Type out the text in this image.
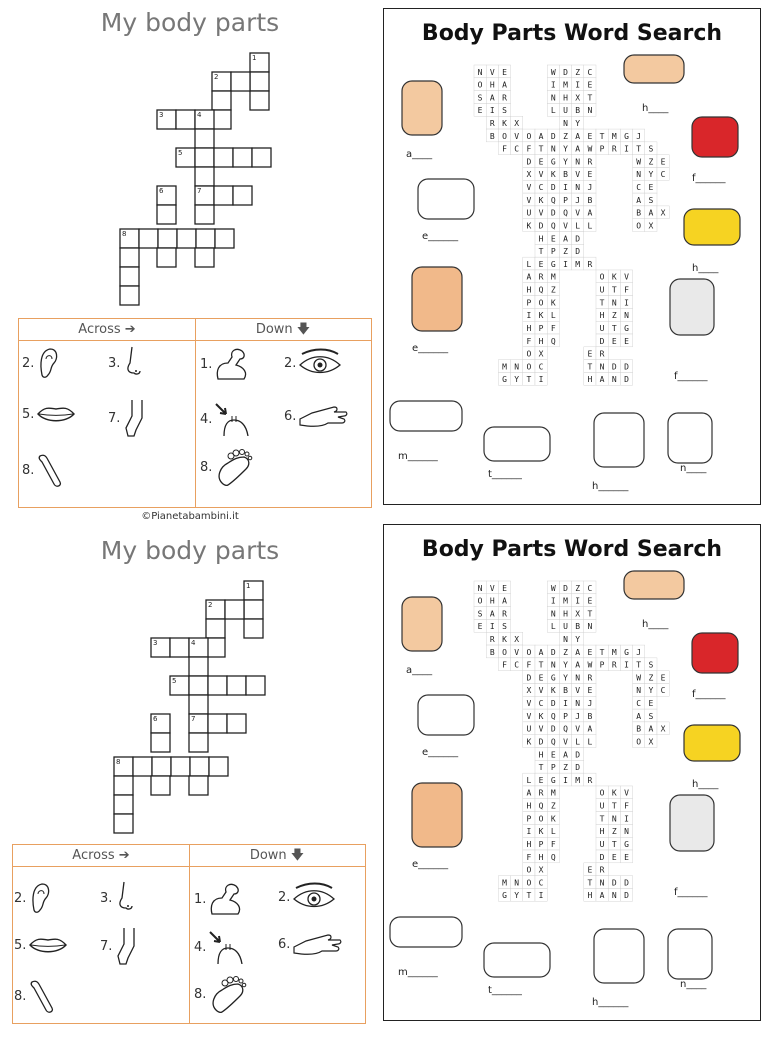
My body parts
1
2
3	4
5
6	7
8
Across ➔	Down 🡇
2.	3.
5.	7.
8.
1.	2.
4.	6.
8.
©Pianetabambini.it
Body Parts Word Search
N V E	W D Z C
O H A	I M I E
S A R	N H X T
E I S	L U B N
R K X	N Y
B O V O A D Z A E T M G J
F C F T N Y A W P R I T S
D E G Y N R	W Z E
X V K B V E	N Y C
V C D I N J	C E
V K Q P J B	A S
U V D Q V A	B A X
K D Q V L L	O X
H E A D
T P Z D
L E G I M R
A R M	O K V
H Q Z	U T F
P O K	T N I
I K L	H Z N
H P F	U T G
F H Q	D E E
O X	E R
M N O C	T N D D
G Y T I	H A N D
a____
e______
e______
m______
t______
h______
n____
h____
f______
h____
f______
My body parts
1
2
3	4
5
6	7
8
Across ➔	Down 🡇
2.	3.
5.	7.
8.
1.	2.
4.	6.
8.
Body Parts Word Search
N V E	W D Z C
O H A	I M I E
S A R	N H X T
E I S	L U B N
R K X	N Y
B O V O A D Z A E T M G J
F C F T N Y A W P R I T S
D E G Y N R	W Z E
X V K B V E	N Y C
V C D I N J	C E
V K Q P J B	A S
U V D Q V A	B A X
K D Q V L L	O X
H E A D
T P Z D
L E G I M R
A R M	O K V
H Q Z	U T F
P O K	T N I
I K L	H Z N
H P F	U T G
F H Q	D E E
O X	E R
M N O C	T N D D
G Y T I	H A N D
a____
e______
e______
m______
t______
h______
n____
h____
f______
h____
f______
